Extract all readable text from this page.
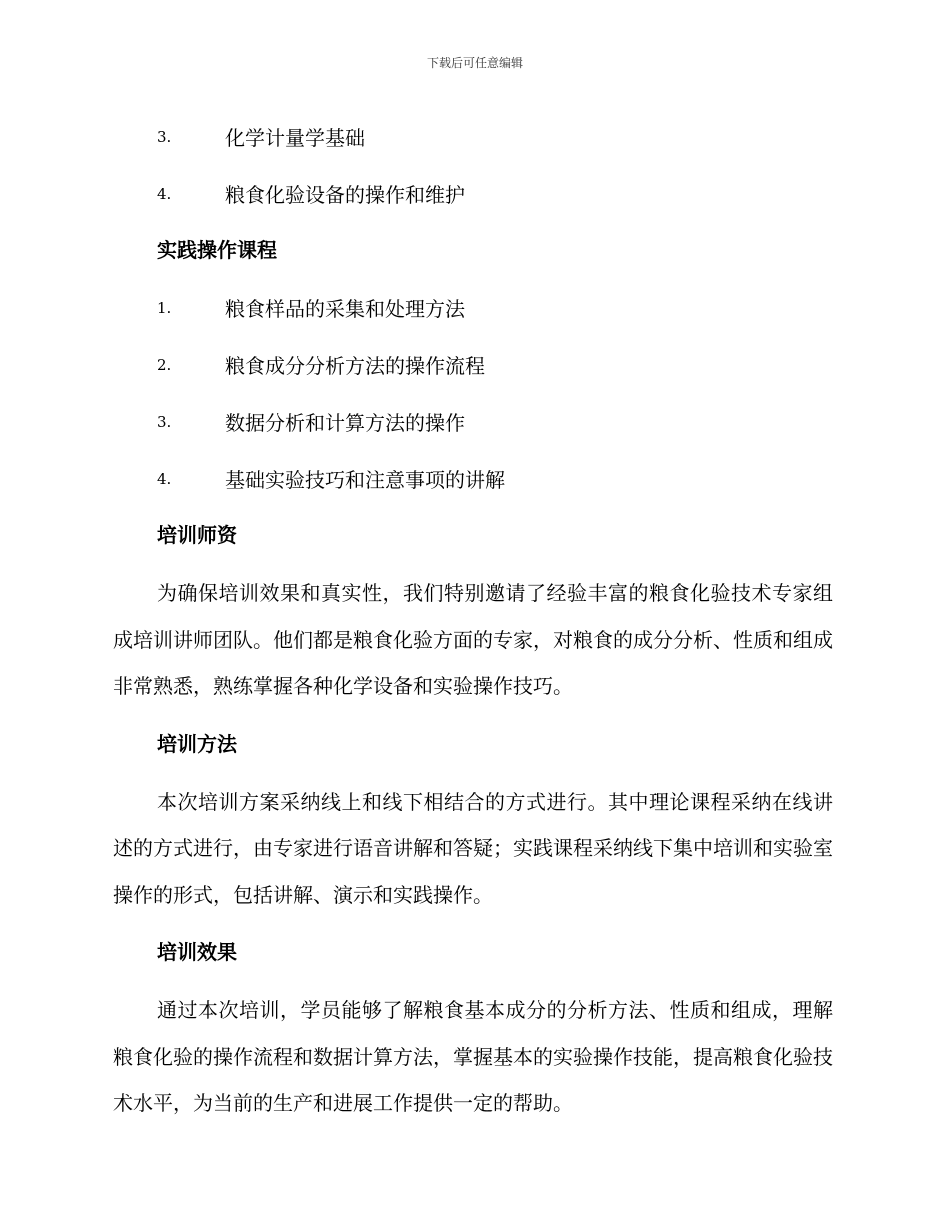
下载后可任意编辑
3.	化学计量学基础
4.	粮食化验设备的操作和维护
实践操作课程
1.	粮食样品的采集和处理方法
2.	粮食成分分析方法的操作流程
3.	数据分析和计算方法的操作
4.	基础实验技巧和注意事项的讲解
培训师资

为确保培训效果和真实性，我们特别邀请了经验丰富的粮食化验技术专家组成培训讲师团队。他们都是粮食化验方面的专家，对粮食的成分分析、性质和组成非常熟悉，熟练掌握各种化学设备和实验操作技巧。

培训方法

本次培训方案采纳线上和线下相结合的方式进行。其中理论课程采纳在线讲述的方式进行，由专家进行语音讲解和答疑；实践课程采纳线下集中培训和实验室操作的形式，包括讲解、演示和实践操作。

培训效果

通过本次培训，学员能够了解粮食基本成分的分析方法、性质和组成，理解粮食化验的操作流程和数据计算方法，掌握基本的实验操作技能，提高粮食化验技术水平，为当前的生产和进展工作提供一定的帮助。
